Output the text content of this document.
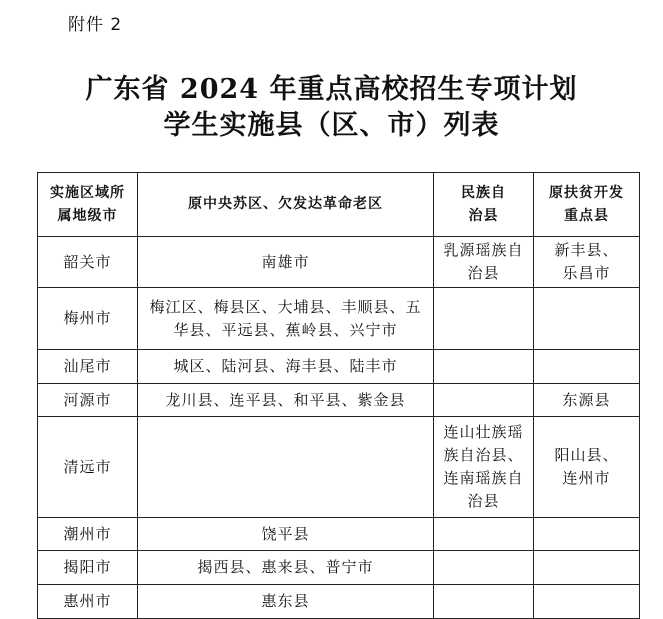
附件 2
广东省 2024 年重点高校招生专项计划
学生实施县（区、市）列表
实施区域所属地级市	原中央苏区、欠发达革命老区	民族自治县	原扶贫开发重点县

韶关市	南雄市	乳源瑶族自治县	新丰县、乐昌市

梅州市	梅江区、梅县区、大埔县、丰顺县、五华县、平远县、蕉岭县、兴宁市		

汕尾市	城区、陆河县、海丰县、陆丰市		
河源市	龙川县、连平县、和平县、紫金县		东源县
清远市		连山壮族瑶族自治县、连南瑶族自治县	阳山县、连州市

潮州市	饶平县		
揭阳市	揭西县、惠来县、普宁市		
惠州市	惠东县		
